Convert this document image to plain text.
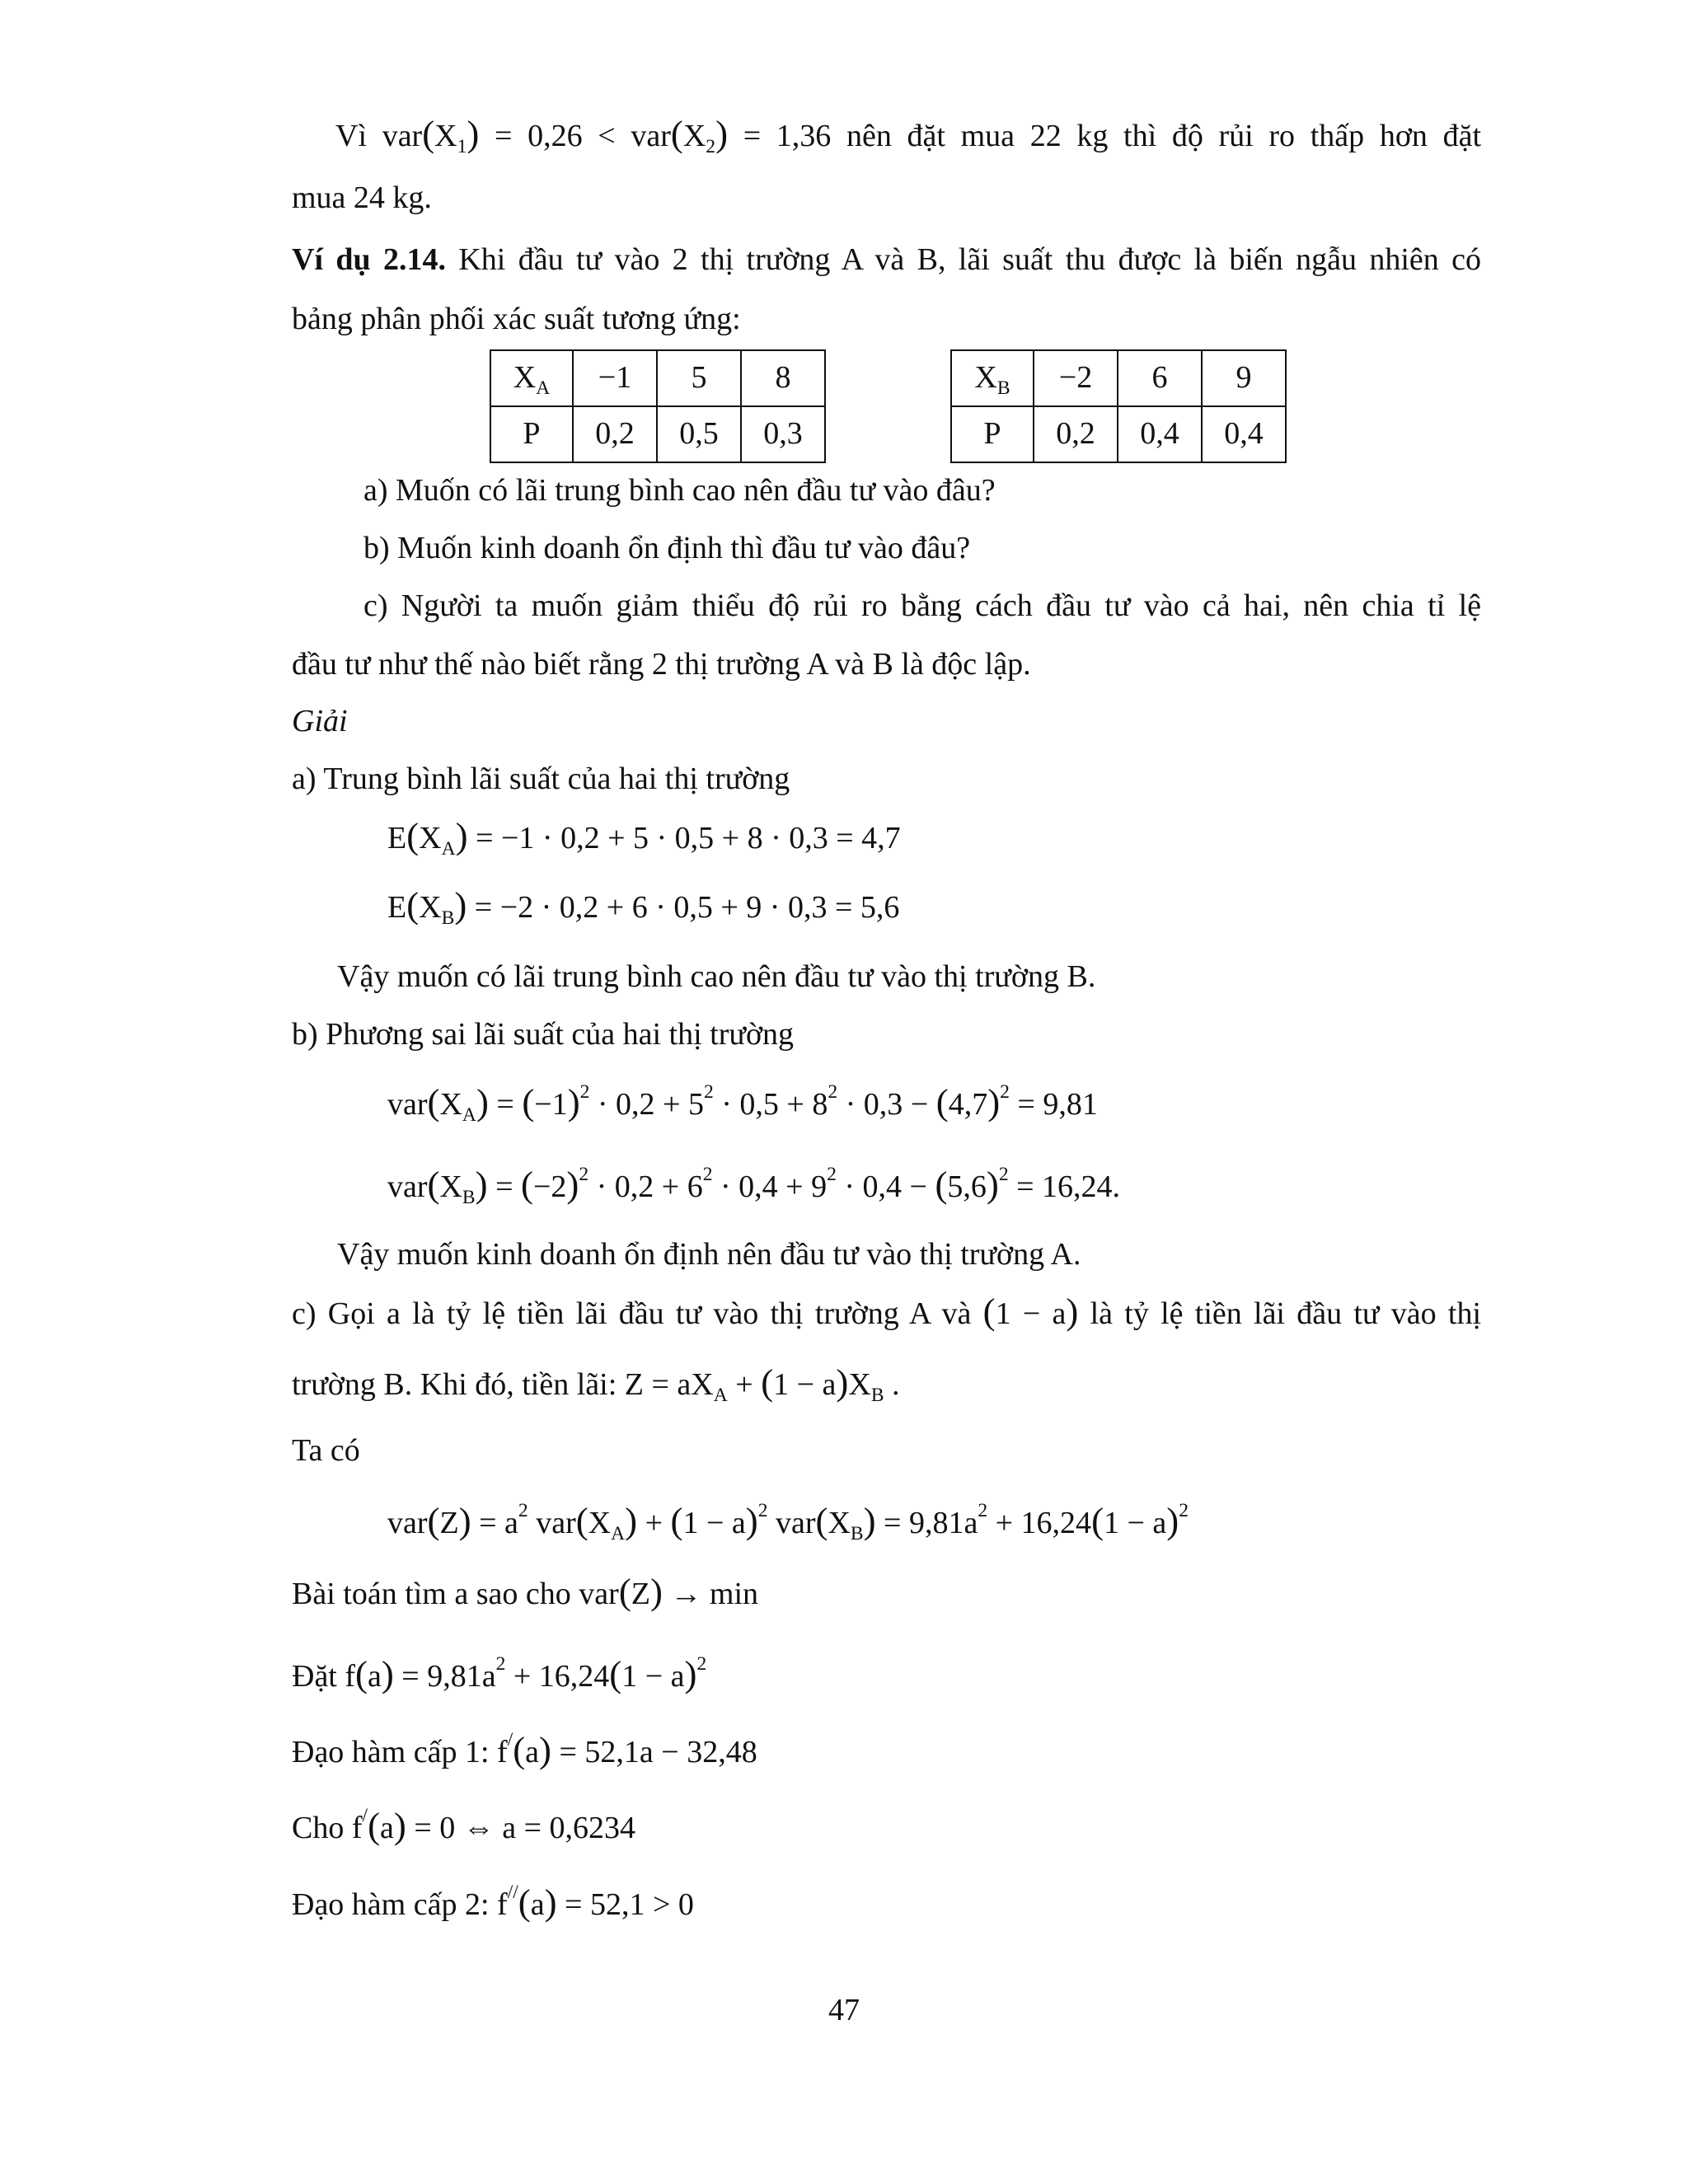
Vì $var(X_1) = 0,26 < var(X_2) = 1,36$ nên đặt mua 22 kg thì độ rủi ro thấp hơn đặt
mua 24 kg.
Ví dụ 2.14. Khi đầu tư vào 2 thị trường A và B, lãi suất thu được là biến ngẫu nhiên có
bảng phân phối xác suất tương ứng:
$X_A$	−1	5	8
P	0,2	0,5	0,3
$X_B$	−2	6	9
P	0,2	0,4	0,4
a) Muốn có lãi trung bình cao nên đầu tư vào đâu?
b) Muốn kinh doanh ổn định thì đầu tư vào đâu?
c) Người ta muốn giảm thiểu độ rủi ro bằng cách đầu tư vào cả hai, nên chia tỉ lệ
đầu tư như thế nào biết rằng 2 thị trường A và B là độc lập.
Giải
a) Trung bình lãi suất của hai thị trường
$E(X_A) = -1 \cdot 0,2 + 5 \cdot 0,5 + 8 \cdot 0,3 = 4,7$
$E(X_B) = -2 \cdot 0,2 + 6 \cdot 0,5 + 9 \cdot 0,3 = 5,6$
Vậy muốn có lãi trung bình cao nên đầu tư vào thị trường B.
b) Phương sai lãi suất của hai thị trường
$var(X_A) = (-1)^2 \cdot 0,2 + 5^2 \cdot 0,5 + 8^2 \cdot 0,3 - (4,7)^2 = 9,81$
$var(X_B) = (-2)^2 \cdot 0,2 + 6^2 \cdot 0,4 + 9^2 \cdot 0,4 - (5,6)^2 = 16,24$.
Vậy muốn kinh doanh ổn định nên đầu tư vào thị trường A.
c) Gọi a là tỷ lệ tiền lãi đầu tư vào thị trường A và (1 − a) là tỷ lệ tiền lãi đầu tư vào thị
trường B. Khi đó, tiền lãi: $Z = aX_A + (1 - a)X_B$ .
Ta có
$var(Z) = a^2$ $var(X_A) + (1 - a)^2$ $var(X_B) = 9,81a^2 + 16,24(1 - a)^2$
Bài toán tìm a sao cho var(Z) → min
Đặt $f(a) = 9,81a^2 + 16,24(1 - a)^2$
Đạo hàm cấp 1: f/(a) = 52,1a − 32,48
Cho f/(a) = 0 ⇔ a = 0,6234
Đạo hàm cấp 2: f//(a) = 52,1 > 0
47
